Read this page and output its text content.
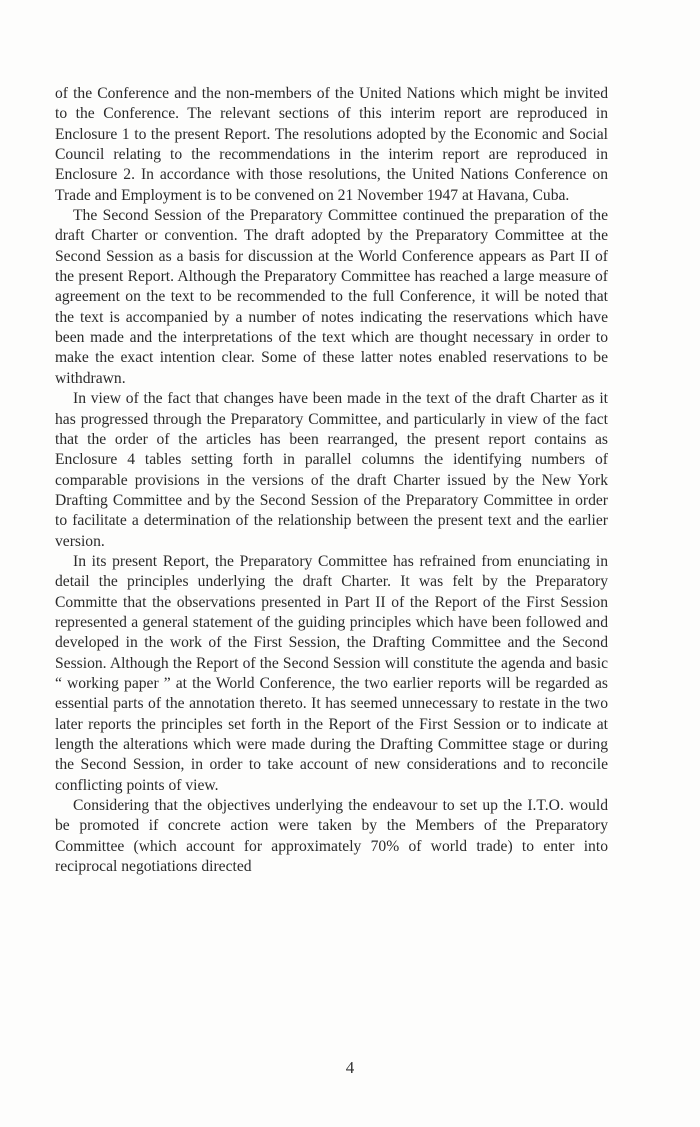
of the Conference and the non-members of the United Nations which might be invited to the Conference. The relevant sections of this interim report are reproduced in Enclosure 1 to the present Report. The resolutions adopted by the Economic and Social Council relating to the recommendations in the interim report are reproduced in Enclosure 2. In accordance with those resolutions, the United Nations Conference on Trade and Employment is to be convened on 21 November 1947 at Havana, Cuba.

The Second Session of the Preparatory Committee continued the preparation of the draft Charter or convention. The draft adopted by the Preparatory Committee at the Second Session as a basis for discussion at the World Conference appears as Part II of the present Report. Although the Preparatory Committee has reached a large measure of agreement on the text to be recommended to the full Conference, it will be noted that the text is accompanied by a number of notes indicating the reservations which have been made and the interpretations of the text which are thought necessary in order to make the exact intention clear. Some of these latter notes enabled reservations to be withdrawn.

In view of the fact that changes have been made in the text of the draft Charter as it has progressed through the Preparatory Committee, and particularly in view of the fact that the order of the articles has been rearranged, the present report contains as Enclosure 4 tables setting forth in parallel columns the identifying numbers of comparable provisions in the versions of the draft Charter issued by the New York Drafting Committee and by the Second Session of the Preparatory Committee in order to facilitate a determination of the relationship between the present text and the earlier version.

In its present Report, the Preparatory Committee has refrained from enunciating in detail the principles underlying the draft Charter. It was felt by the Preparatory Committe that the observations presented in Part II of the Report of the First Session represented a general statement of the guiding principles which have been followed and developed in the work of the First Session, the Drafting Committee and the Second Session. Although the Report of the Second Session will constitute the agenda and basic “ working paper ” at the World Conference, the two earlier reports will be regarded as essential parts of the annotation thereto. It has seemed unnecessary to restate in the two later reports the principles set forth in the Report of the First Session or to indicate at length the alterations which were made during the Drafting Committee stage or during the Second Session, in order to take account of new considerations and to reconcile conflicting points of view.

Considering that the objectives underlying the endeavour to set up the I.T.O. would be promoted if concrete action were taken by the Members of the Preparatory Committee (which account for approximately 70% of world trade) to enter into reciprocal negotiations directed

4
